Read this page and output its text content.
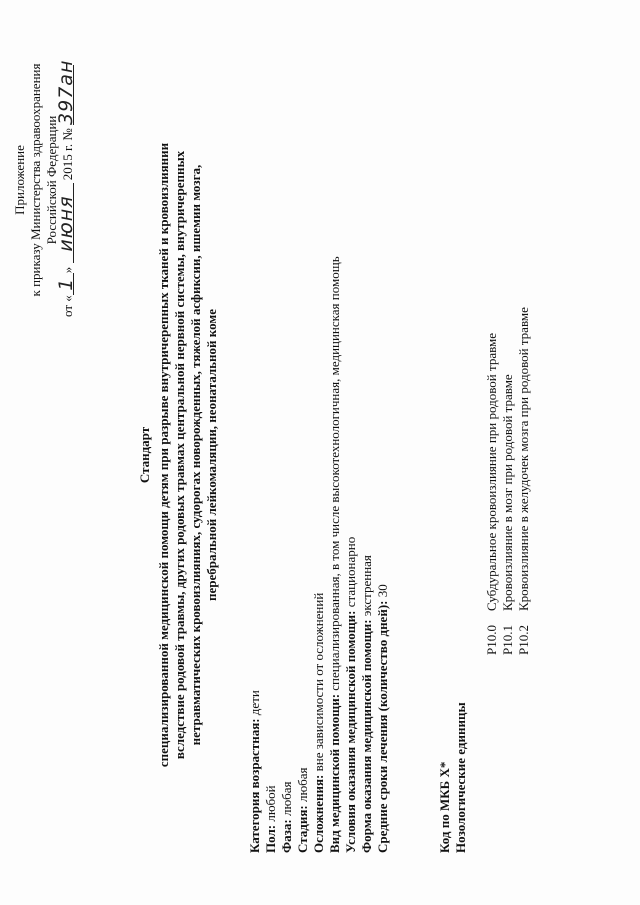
Приложение к приказу Министерства здравоохранения Российской Федерации
от «1» июня 2015 г. № 397ан
Стандарт специализированной медицинской помощи детям при разрыве внутричерепных тканей и кровоизлиянии вследствие родовой травмы, других родовых травмах центральной нервной системы, внутричерепных нетравматических кровоизлияниях, судорогах новорожденных, тяжелой асфиксии, ишемии мозга, перебральной лейкомаляции, неонатальной коме
Категория возрастная: дети
Пол: любой
Фаза: любая
Стадия: любая Осложнения: вне зависимости от осложнений
Вид медицинской помощи: специализированная, в том числе высокотехнологичная, медицинская помощь
Условия оказания медицинской помощи: стационарно
Форма оказания медицинской помощи: экстренная
Средние сроки лечения (количество дней): 30
Код по МКБ X* Нозологические единицы
P10.0Субдуральное кровоизлияние при родовой травме
P10.1Кровоизлияние в мозг при родовой травме
P10.2Кровоизлияние в желудочек мозга при родовой травме
